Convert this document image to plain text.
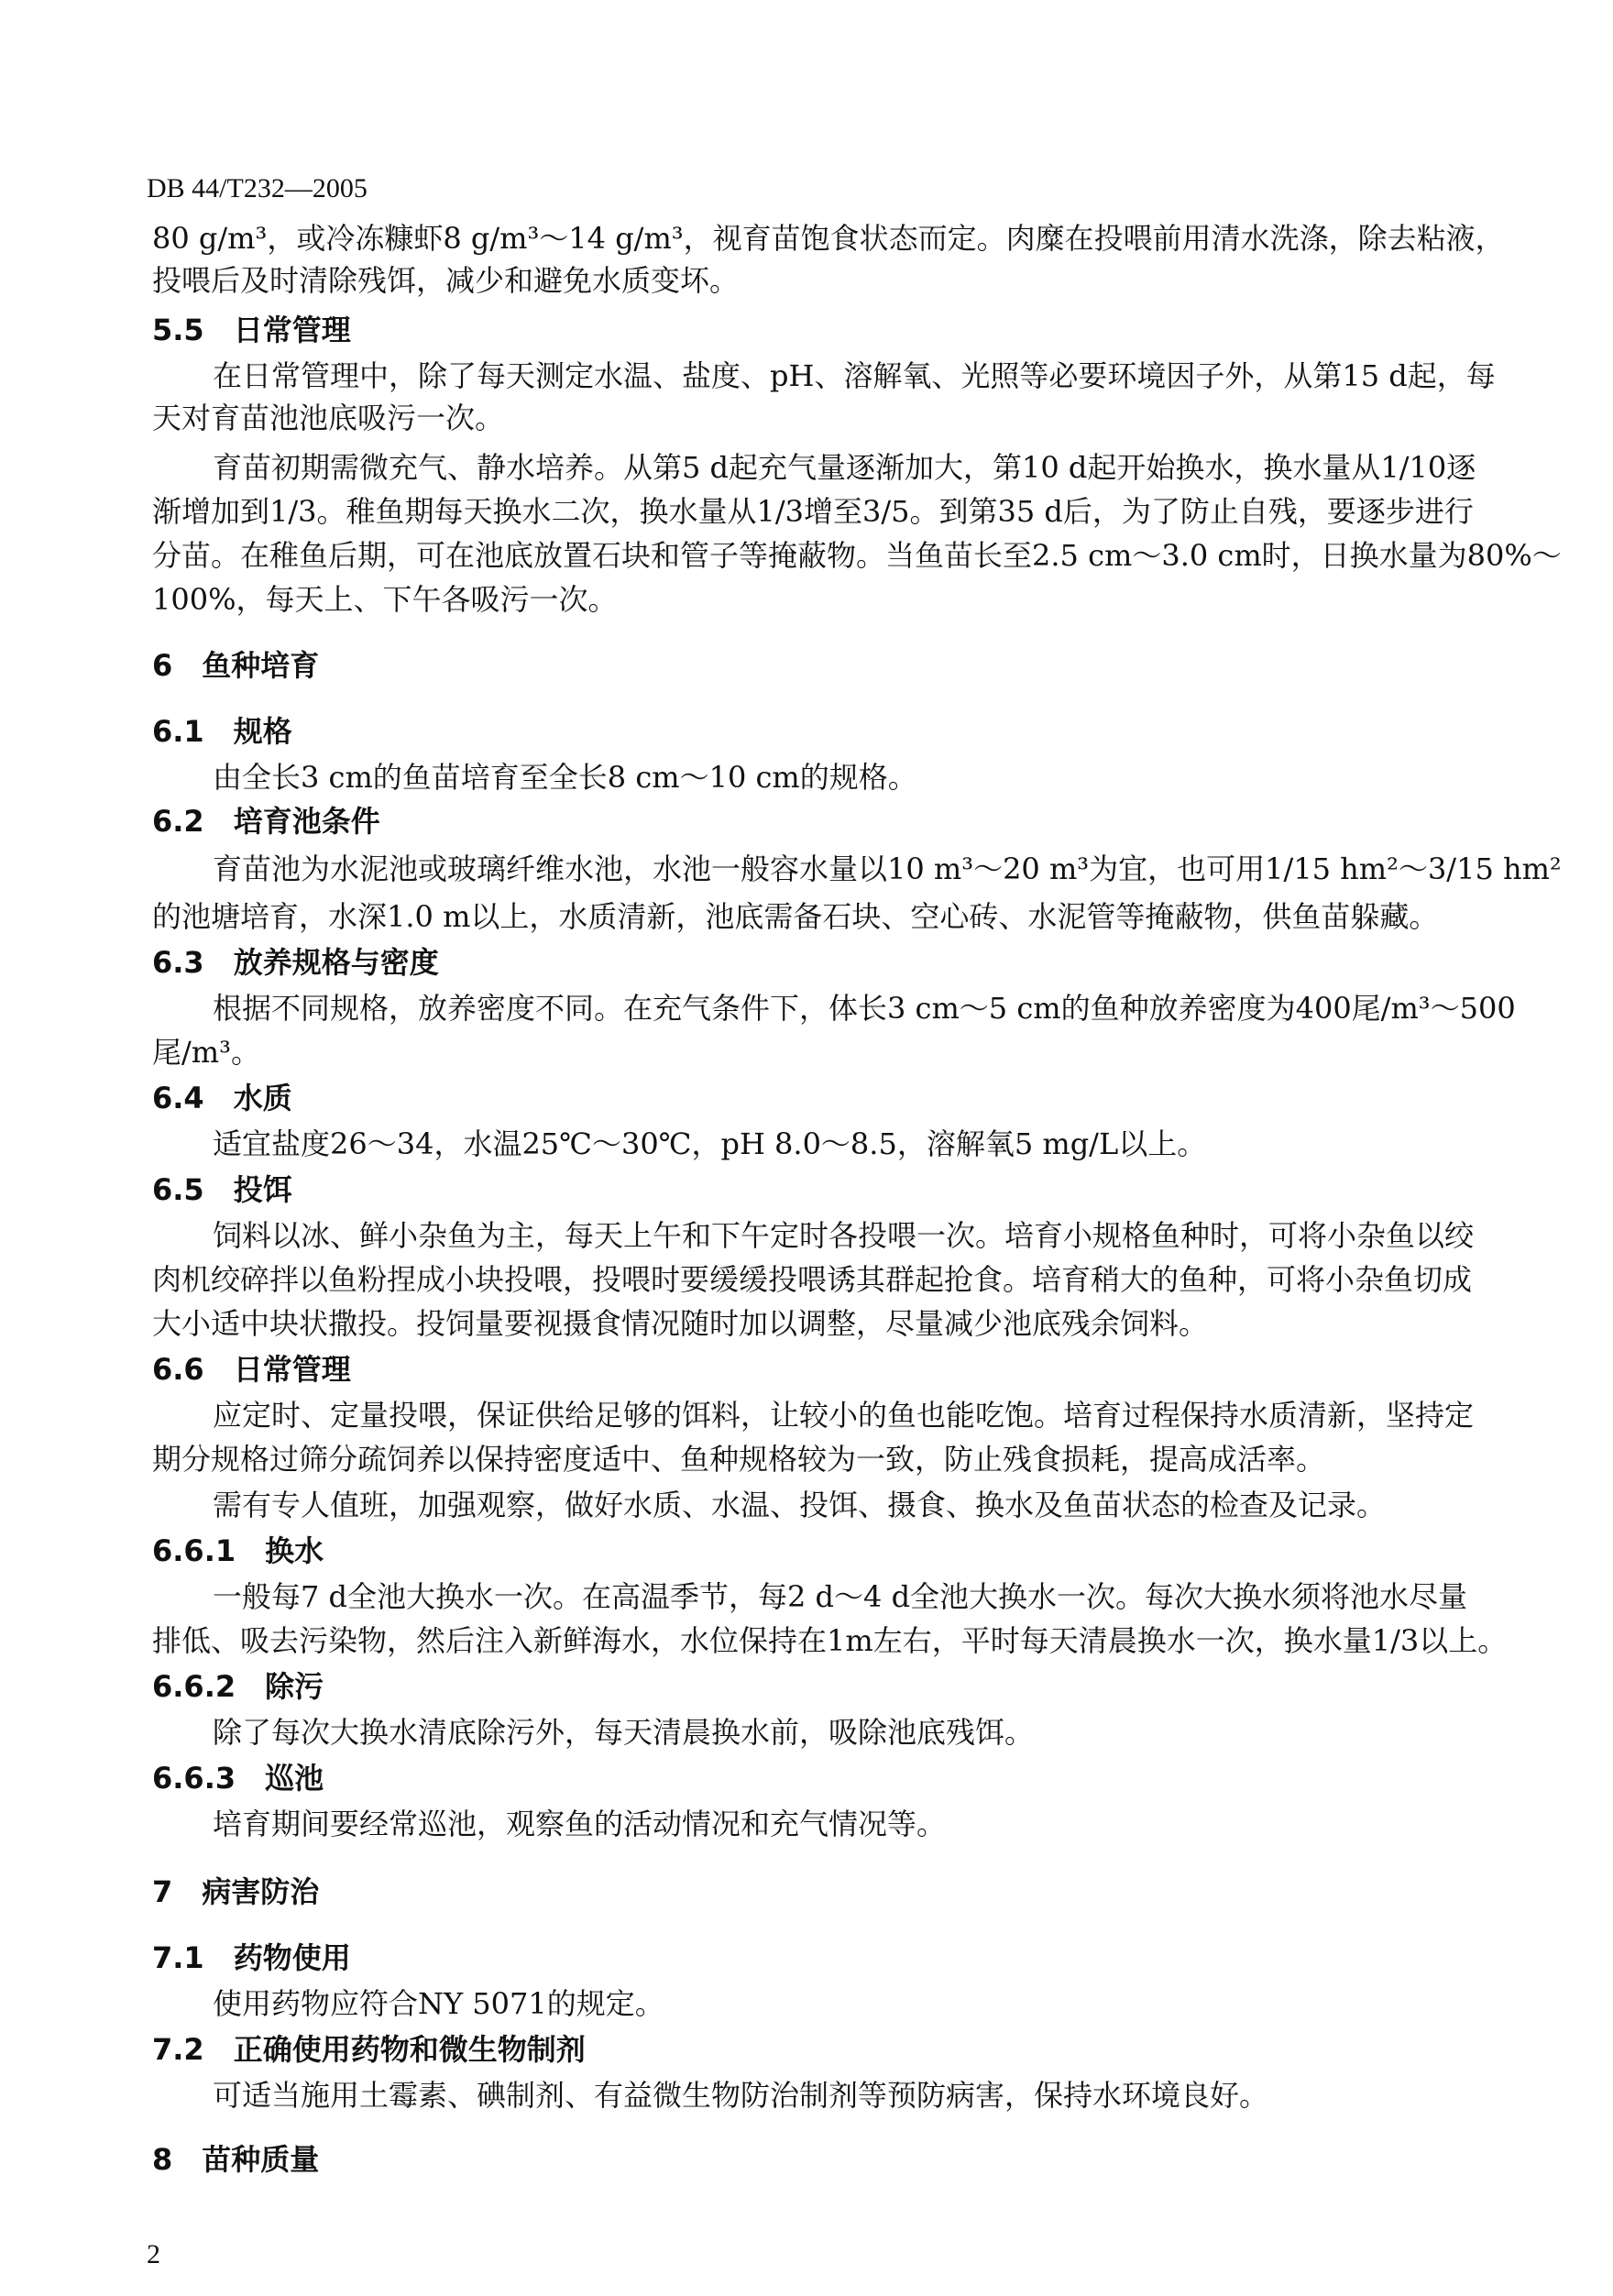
DB 44/T232—2005
80 g/m³，或冷冻糠虾8 g/m³～14 g/m³，视育苗饱食状态而定。肉糜在投喂前用清水洗涤，除去粘液，
投喂后及时清除残饵，减少和避免水质变坏。
5.5　日常管理
在日常管理中，除了每天测定水温、盐度、pH、溶解氧、光照等必要环境因子外，从第15 d起，每
天对育苗池池底吸污一次。
育苗初期需微充气、静水培养。从第5 d起充气量逐渐加大，第10 d起开始换水，换水量从1/10逐
渐增加到1/3。稚鱼期每天换水二次，换水量从1/3增至3/5。到第35 d后，为了防止自残，要逐步进行
分苗。在稚鱼后期，可在池底放置石块和管子等掩蔽物。当鱼苗长至2.5 cm～3.0 cm时，日换水量为80%～
100%，每天上、下午各吸污一次。
6　鱼种培育
6.1　规格
由全长3 cm的鱼苗培育至全长8 cm～10 cm的规格。
6.2　培育池条件
育苗池为水泥池或玻璃纤维水池，水池一般容水量以10 m³～20 m³为宜，也可用1/15 hm²～3/15 hm²
的池塘培育，水深1.0 m以上，水质清新，池底需备石块、空心砖、水泥管等掩蔽物，供鱼苗躲藏。
6.3　放养规格与密度
根据不同规格，放养密度不同。在充气条件下，体长3 cm～5 cm的鱼种放养密度为400尾/m³～500
尾/m³。
6.4　水质
适宜盐度26～34，水温25℃～30℃，pH 8.0～8.5，溶解氧5 mg/L以上。
6.5　投饵
饲料以冰、鲜小杂鱼为主，每天上午和下午定时各投喂一次。培育小规格鱼种时，可将小杂鱼以绞
肉机绞碎拌以鱼粉捏成小块投喂，投喂时要缓缓投喂诱其群起抢食。培育稍大的鱼种，可将小杂鱼切成
大小适中块状撒投。投饲量要视摄食情况随时加以调整，尽量减少池底残余饲料。
6.6　日常管理
应定时、定量投喂，保证供给足够的饵料，让较小的鱼也能吃饱。培育过程保持水质清新，坚持定
期分规格过筛分疏饲养以保持密度适中、鱼种规格较为一致，防止残食损耗，提高成活率。
需有专人值班，加强观察，做好水质、水温、投饵、摄食、换水及鱼苗状态的检查及记录。
6.6.1　换水
一般每7 d全池大换水一次。在高温季节，每2 d～4 d全池大换水一次。每次大换水须将池水尽量
排低、吸去污染物，然后注入新鲜海水，水位保持在1m左右，平时每天清晨换水一次，换水量1/3以上。
6.6.2　除污
除了每次大换水清底除污外，每天清晨换水前，吸除池底残饵。
6.6.3　巡池
培育期间要经常巡池，观察鱼的活动情况和充气情况等。
7　病害防治
7.1　药物使用
使用药物应符合NY 5071的规定。
7.2　正确使用药物和微生物制剂
可适当施用土霉素、碘制剂、有益微生物防治制剂等预防病害，保持水环境良好。
8　苗种质量
2
